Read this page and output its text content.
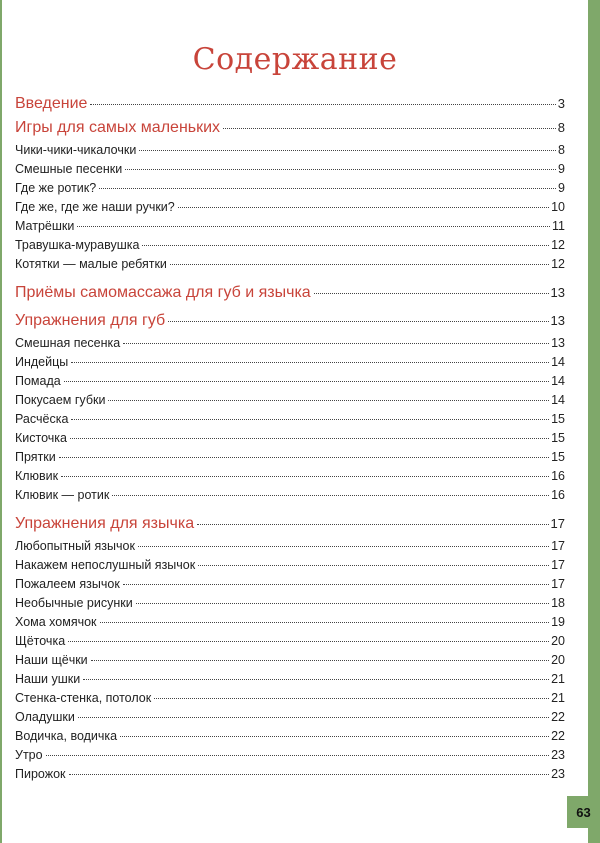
Содержание
Введение	3
Игры для самых маленьких	8
Чики-чики-чикалочки	8
Смешные песенки	9
Где же ротик?	9
Где же, где же наши ручки?	10
Матрёшки	11
Травушка-муравушка	12
Котятки — малые ребятки	12
Приёмы самомассажа для губ и язычка	13
Упражнения для губ	13
Смешная песенка	13
Индейцы	14
Помада	14
Покусаем губки	14
Расчёска	15
Кисточка	15
Прятки	15
Клювик	16
Клювик — ротик	16
Упражнения для язычка	17
Любопытный язычок	17
Накажем непослушный язычок	17
Пожалеем язычок	17
Необычные рисунки	18
Хома хомячок	19
Щёточка	20
Наши щёчки	20
Наши ушки	21
Стенка-стенка, потолок	21
Оладушки	22
Водичка, водичка	22
Утро	23
Пирожок	23
63
